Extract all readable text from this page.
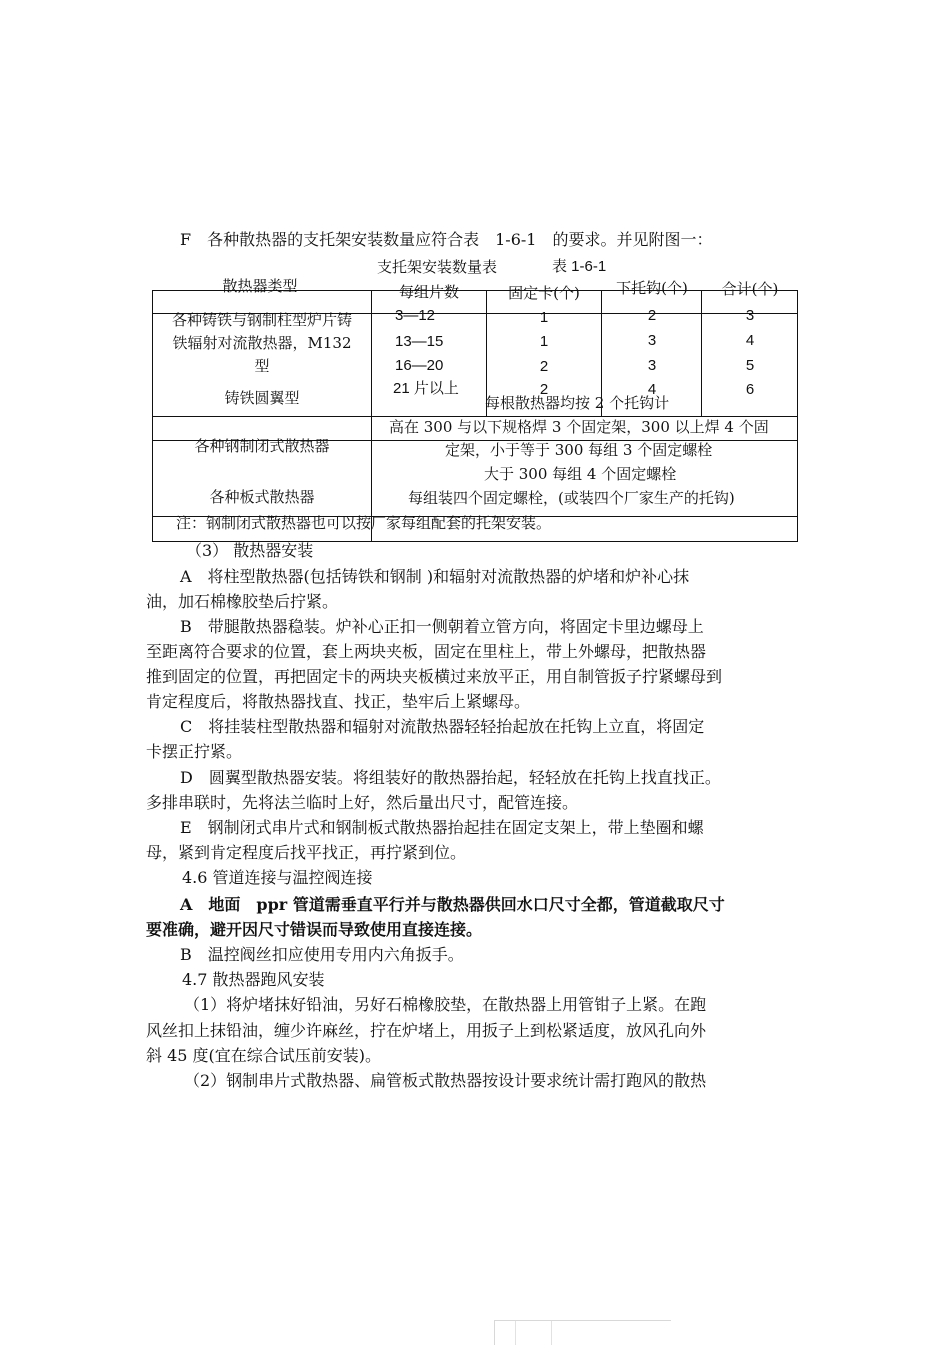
F　各种散热器的支托架安装数量应符合表　1-6-1　的要求。并见附图一：
支托架安装数量表	表 1-6-1
散热器类型	每组片数	固定卡(个)	下托钩(个)	合计(个)
各种铸铁与钢制柱型炉片铸
铁辐射对流散热器，M132
型
3—12	1	2	3
13—15	1	3	4
16—20	2	3	5
21 片以上	2	4	6
铸铁圆翼型	每根散热器均按 2 个托钩计
各种钢制闭式散热器
高在 300 与以下规格焊 3 个固定架，300 以上焊 4 个固
定架，小于等于 300 每组 3 个固定螺栓
大于 300 每组 4 个固定螺栓
各种板式散热器	每组装四个固定螺栓，(或装四个厂家生产的托钩)
注：钢制闭式散热器也可以按厂家每组配套的托架安装。
（3） 散热器安装
A　将柱型散热器(包括铸铁和钢制 )和辐射对流散热器的炉堵和炉补心抹
油，加石棉橡胶垫后拧紧。
B　带腿散热器稳装。炉补心正扣一侧朝着立管方向，将固定卡里边螺母上
至距离符合要求的位置，套上两块夹板，固定在里柱上，带上外螺母，把散热器
推到固定的位置，再把固定卡的两块夹板横过来放平正，用自制管扳子拧紧螺母到
肯定程度后，将散热器找直、找正，垫牢后上紧螺母。
C　将挂装柱型散热器和辐射对流散热器轻轻抬起放在托钩上立直，将固定
卡摆正拧紧。
D　圆翼型散热器安装。将组装好的散热器抬起，轻轻放在托钩上找直找正。
多排串联时，先将法兰临时上好，然后量出尺寸，配管连接。
E　钢制闭式串片式和钢制板式散热器抬起挂在固定支架上，带上垫圈和螺
母，紧到肯定程度后找平找正，再拧紧到位。
4.6 管道连接与温控阀连接
A　地面　ppr 管道需垂直平行并与散热器供回水口尺寸全都，管道截取尺寸
要准确，避开因尺寸错误而导致使用直接连接。
B　温控阀丝扣应使用专用内六角扳手。
4.7 散热器跑风安装
（1）将炉堵抹好铅油，另好石棉橡胶垫，在散热器上用管钳子上紧。在跑
风丝扣上抹铅油，缠少许麻丝，拧在炉堵上，用扳子上到松紧适度，放风孔向外
斜 45 度(宜在综合试压前安装)。
（2）钢制串片式散热器、扁管板式散热器按设计要求统计需打跑风的散热
